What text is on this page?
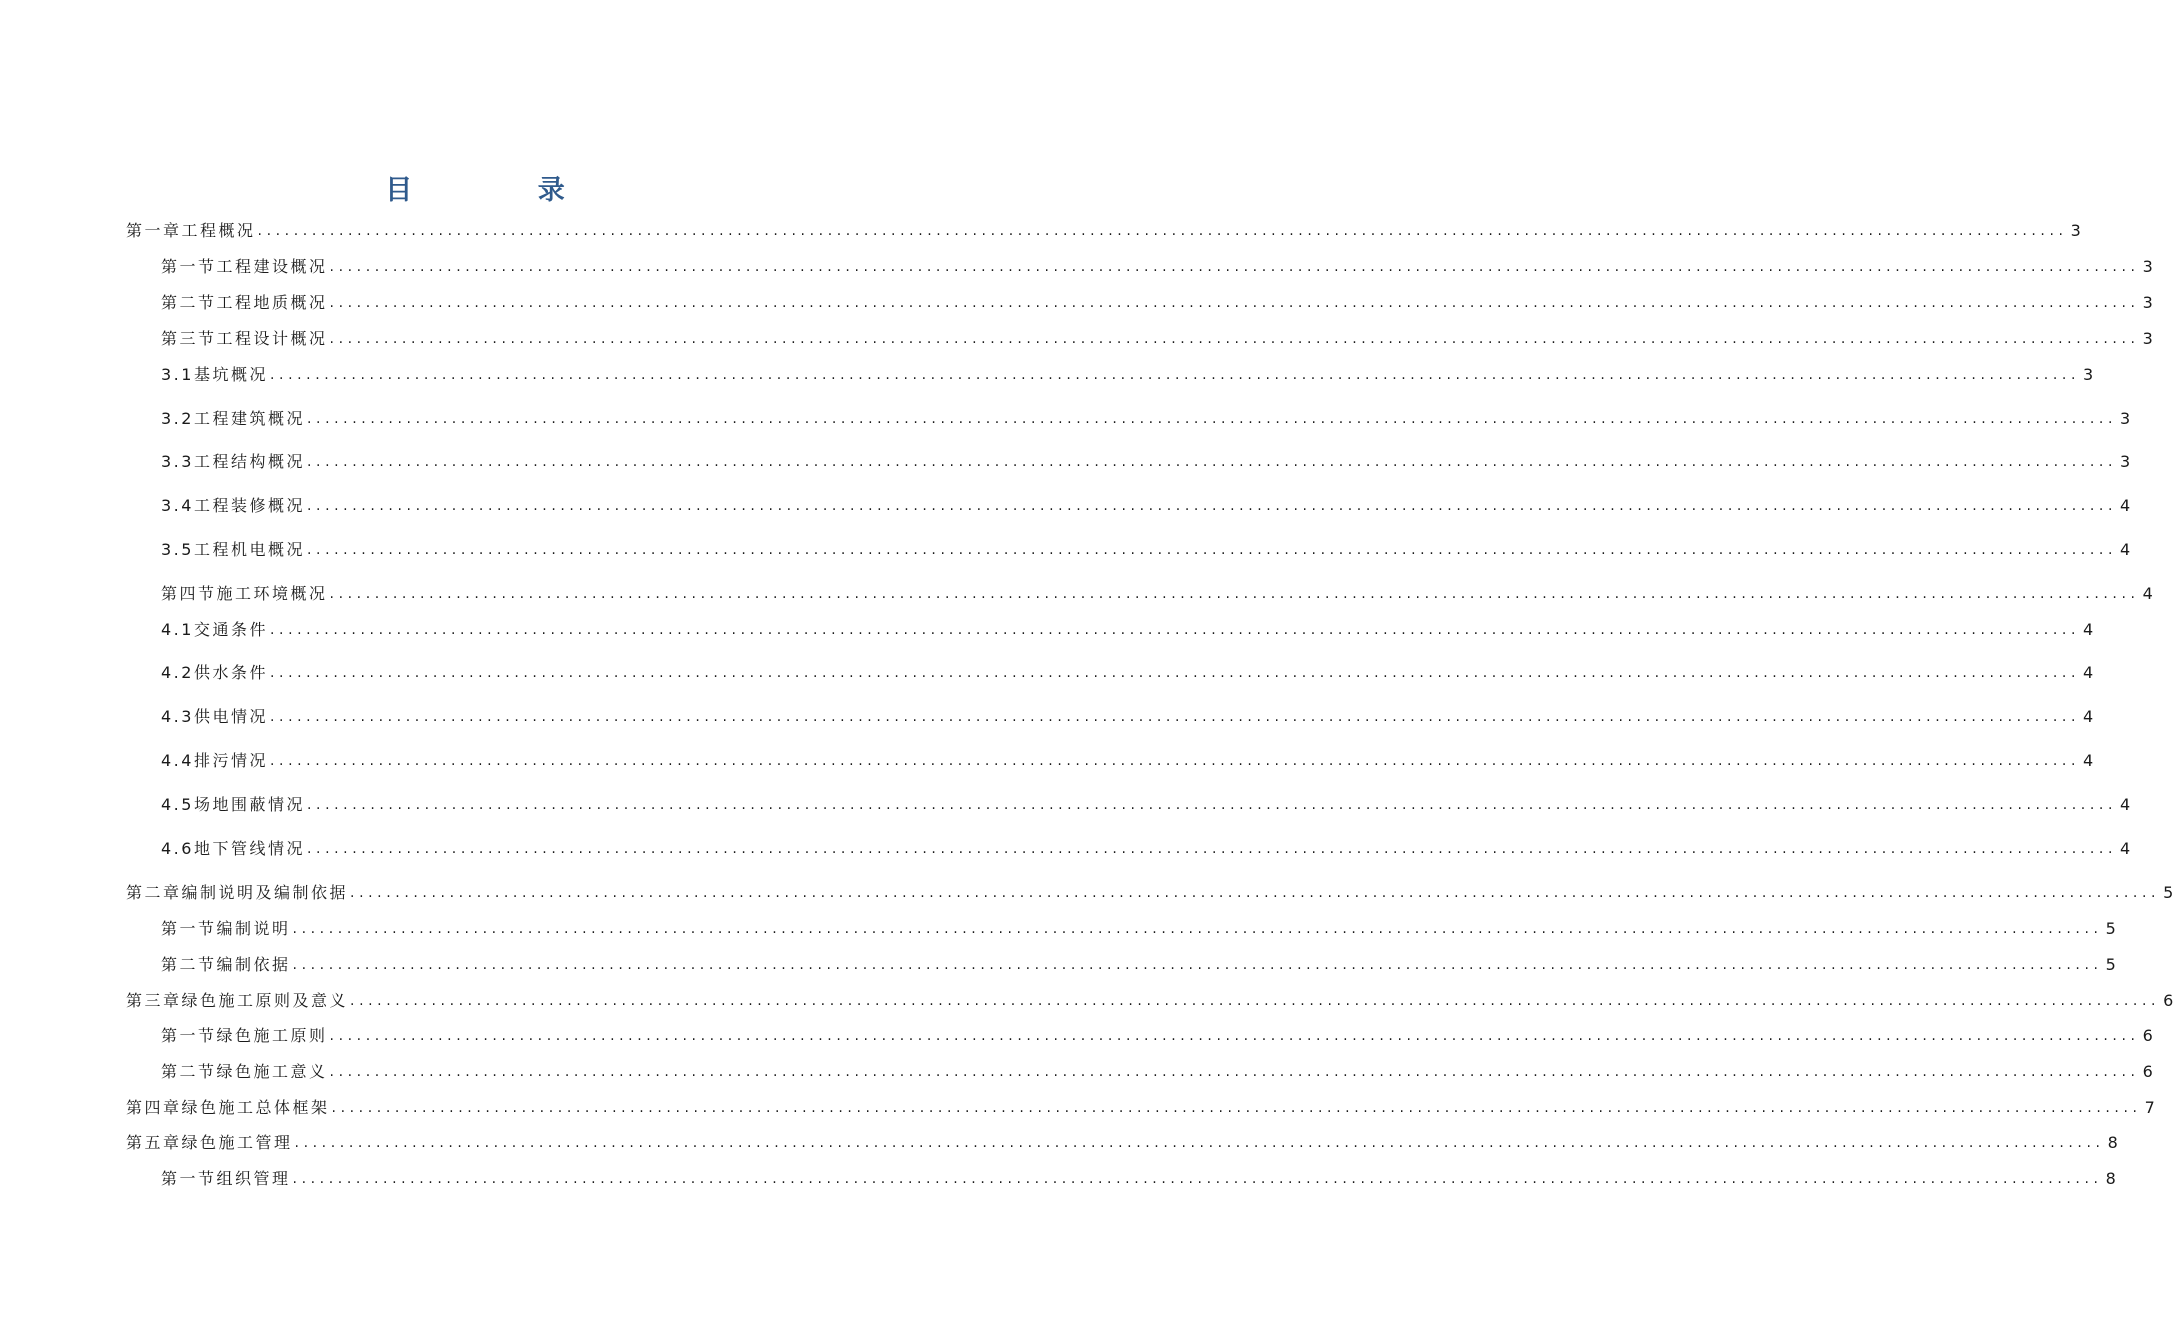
目 录
第一章 工程概况 ........................................................................................................................................................................................................ 3
第一节 工程建设概况 ........................................................................................................................................................................................................ 3
第二节 工程地质概况 ........................................................................................................................................................................................................ 3
第三节 工程设计概况 ........................................................................................................................................................................................................ 3
3.1 基坑概况 ........................................................................................................................................................................................................ 3
3.2 工程建筑概况 ........................................................................................................................................................................................................ 3
3.3 工程结构概况 ........................................................................................................................................................................................................ 3
3.4 工程装修概况 ........................................................................................................................................................................................................ 4
3.5 工程机电概况 ........................................................................................................................................................................................................ 4
第四节 施工环境概况 ........................................................................................................................................................................................................ 4
4.1 交通条件 ........................................................................................................................................................................................................ 4
4.2 供水条件 ........................................................................................................................................................................................................ 4
4.3 供电情况 ........................................................................................................................................................................................................ 4
4.4 排污情况 ........................................................................................................................................................................................................ 4
4.5 场地围蔽情况 ........................................................................................................................................................................................................ 4
4.6 地下管线情况 ........................................................................................................................................................................................................ 4
第二章 编制说明及编制依据 ........................................................................................................................................................................................................ 5
第一节 编制说明 ........................................................................................................................................................................................................ 5
第二节 编制依据 ........................................................................................................................................................................................................ 5
第三章 绿色施工原则及意义 ........................................................................................................................................................................................................ 6
第一节 绿色施工原则 ........................................................................................................................................................................................................ 6
第二节 绿色施工意义 ........................................................................................................................................................................................................ 6
第四章 绿色施工总体框架 ........................................................................................................................................................................................................ 7
第五章 绿色施工管理 ........................................................................................................................................................................................................ 8
第一节 组织管理 ........................................................................................................................................................................................................ 8
